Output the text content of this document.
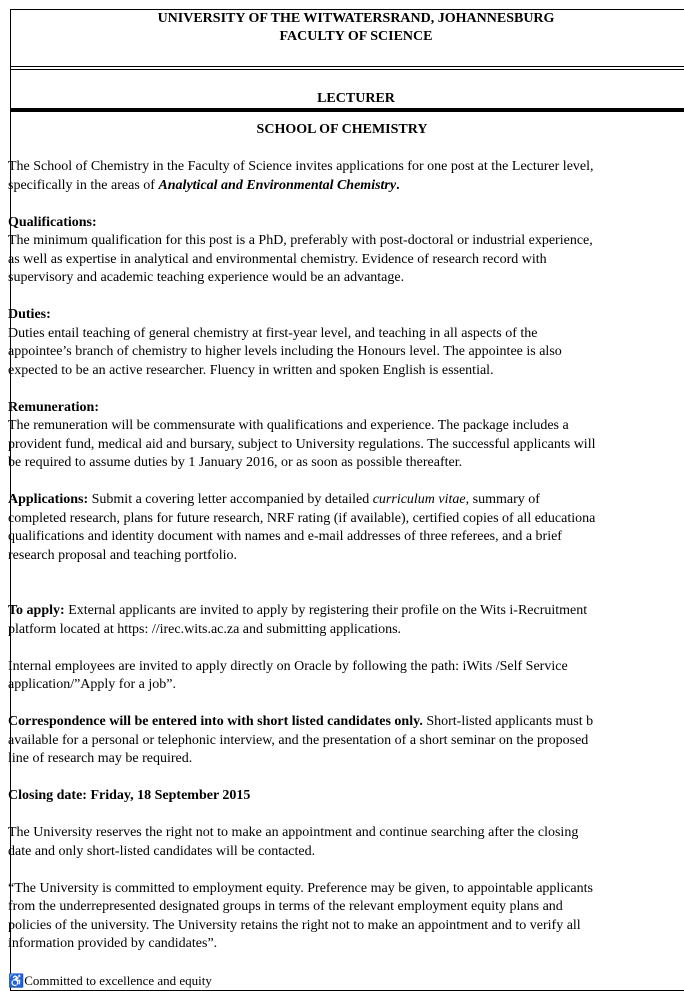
UNIVERSITY OF THE WITWATERSRAND, JOHANNESBURG
FACULTY OF SCIENCE
LECTURER

SCHOOL OF CHEMISTRY

The School of Chemistry in the Faculty of Science invites applications for one post at the Lecturer level,

specifically in the areas of Analytical and Environmental Chemistry.

Qualifications:

The minimum qualification for this post is a PhD, preferably with post-doctoral or industrial experience,

as well as expertise in analytical and environmental chemistry. Evidence of research record with

supervisory and academic teaching experience would be an advantage.

Duties:

Duties entail teaching of general chemistry at first-year level, and teaching in all aspects of the

appointee’s branch of chemistry to higher levels including the Honours level. The appointee is also

expected to be an active researcher. Fluency in written and spoken English is essential.

Remuneration:

The remuneration will be commensurate with qualifications and experience. The package includes a

provident fund, medical aid and bursary, subject to University regulations. The successful applicants will

be required to assume duties by 1 January 2016, or as soon as possible thereafter.

Applications: Submit a covering letter accompanied by detailed curriculum vitae, summary of

completed research, plans for future research, NRF rating (if available), certified copies of all educationa

qualifications and identity document with names and e-mail addresses of three referees, and a brief

research proposal and teaching portfolio.

To apply: External applicants are invited to apply by registering their profile on the Wits i-Recruitment

platform located at https: //irec.wits.ac.za and submitting applications.

Internal employees are invited to apply directly on Oracle by following the path: iWits /Self Service

application/”Apply for a job”.

Correspondence will be entered into with short listed candidates only. Short-listed applicants must b

available for a personal or telephonic interview, and the presentation of a short seminar on the proposed

line of research may be required.

Closing date: Friday, 18 September 2015

The University reserves the right not to make an appointment and continue searching after the closing

date and only short-listed candidates will be contacted.

“The University is committed to employment equity. Preference may be given, to appointable applicants

from the underrepresented designated groups in terms of the relevant employment equity plans and

policies of the university. The University retains the right not to make an appointment and to verify all

information provided by candidates”.

♿Committed to excellence and equity
